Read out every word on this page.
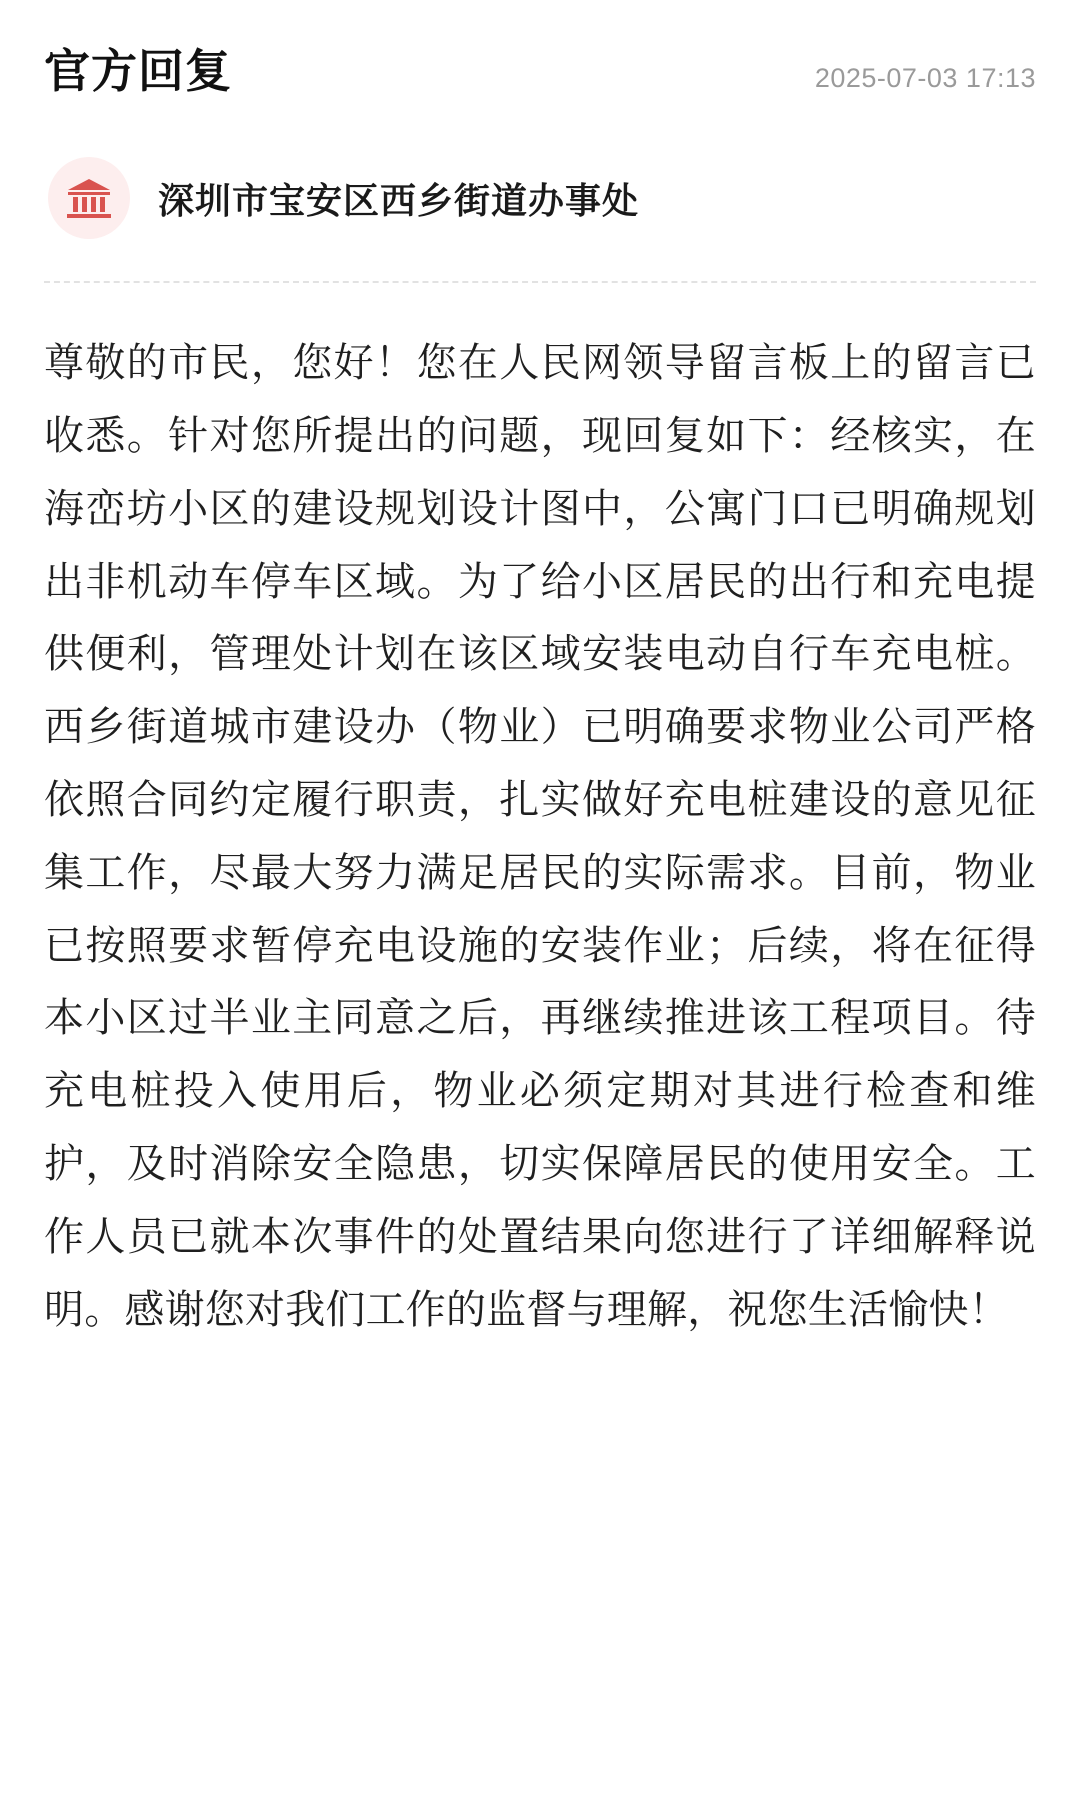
官方回复	2025-07-03 17:13
深圳市宝安区西乡街道办事处
尊敬的市民，您好！您在人民网领导留言板上的留言已收悉。针对您所提出的问题，现回复如下：经核实，在海峦坊小区的建设规划设计图中，公寓门口已明确规划出非机动车停车区域。为了给小区居民的出行和充电提供便利，管理处计划在该区域安装电动自行车充电桩。西乡街道城市建设办（物业）已明确要求物业公司严格依照合同约定履行职责，扎实做好充电桩建设的意见征集工作，尽最大努力满足居民的实际需求。目前，物业已按照要求暂停充电设施的安装作业；后续，将在征得本小区过半业主同意之后，再继续推进该工程项目。待充电桩投入使用后，物业必须定期对其进行检查和维护，及时消除安全隐患，切实保障居民的使用安全。工作人员已就本次事件的处置结果向您进行了详细解释说明。感谢您对我们工作的监督与理解，祝您生活愉快！
